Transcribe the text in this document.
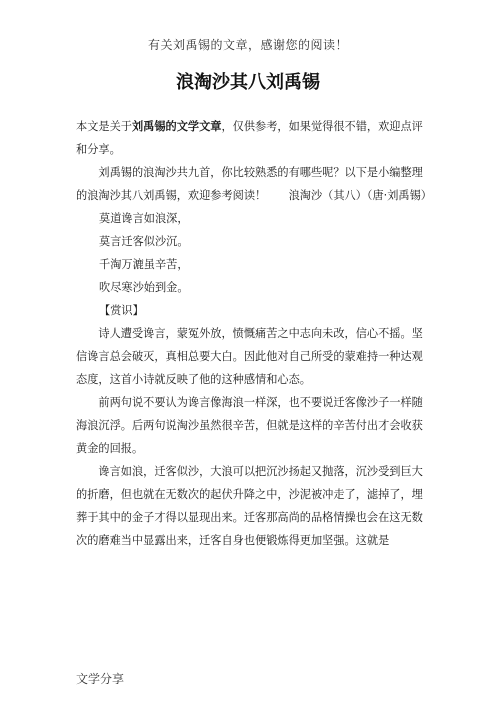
有关刘禹锡的文章，感谢您的阅读！
浪淘沙其八刘禹锡

本文是关于刘禹锡的文学文章，仅供参考，如果觉得很不错，欢迎点评和分享。

刘禹锡的浪淘沙共九首，你比较熟悉的有哪些呢？以下是小编整理的浪淘沙其八刘禹锡，欢迎参考阅读！　　浪淘沙（其八）（唐·刘禹锡）

莫道谗言如浪深，

莫言迁客似沙沉。

千淘万漉虽辛苦，

吹尽寒沙始到金。

【赏识】

诗人遭受谗言，蒙冤外放，愤慨痛苦之中志向未改，信心不摇。坚信谗言总会破灭，真相总要大白。因此他对自己所受的蒙难持一种达观态度，这首小诗就反映了他的这种感情和心态。

前两句说不要认为谗言像海浪一样深，也不要说迁客像沙子一样随海浪沉浮。后两句说淘沙虽然很辛苦，但就是这样的辛苦付出才会收获黄金的回报。

谗言如浪，迁客似沙，大浪可以把沉沙扬起又抛落，沉沙受到巨大的折磨，但也就在无数次的起伏升降之中，沙泥被冲走了，滤掉了，埋葬于其中的金子才得以显现出来。迁客那高尚的品格情操也会在这无数次的磨难当中显露出来，迁客自身也便锻炼得更加坚强。这就是

文学分享
